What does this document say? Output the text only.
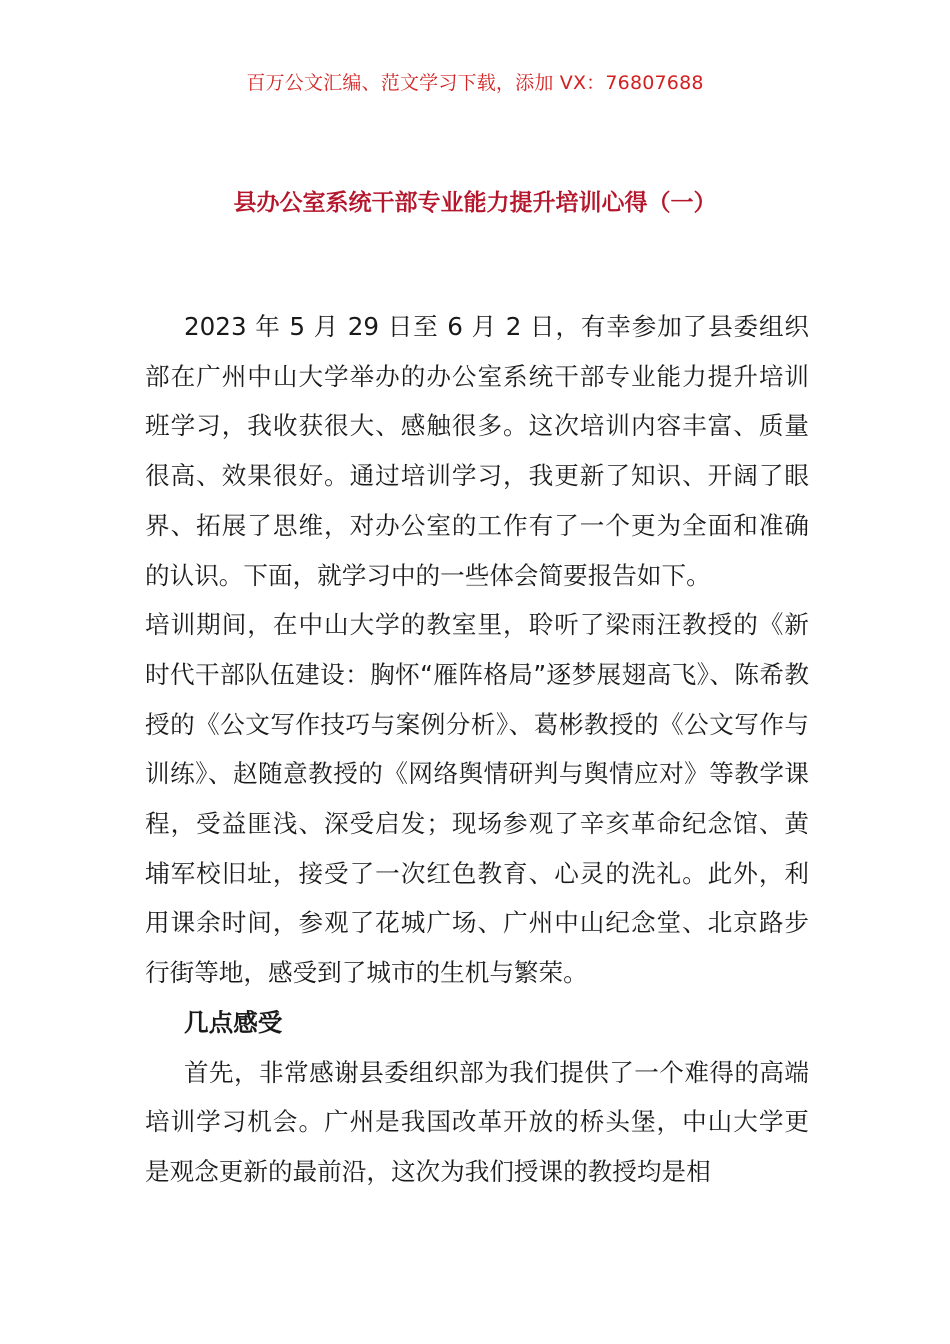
百万公文汇编、范文学习下载，添加 VX：76807688
县办公室系统干部专业能力提升培训心得（一）

2023 年 5 月 29 日至 6 月 2 日，有幸参加了县委组织部在广州中山大学举办的办公室系统干部专业能力提升培训班学习，我收获很大、感触很多。这次培训内容丰富、质量很高、效果很好。通过培训学习，我更新了知识、开阔了眼界、拓展了思维，对办公室的工作有了一个更为全面和准确的认识。下面，就学习中的一些体会简要报告如下。

培训期间，在中山大学的教室里，聆听了梁雨汪教授的《新时代干部队伍建设：胸怀“雁阵格局”逐梦展翅高飞》、陈希教授的《公文写作技巧与案例分析》、葛彬教授的《公文写作与训练》、赵随意教授的《网络舆情研判与舆情应对》等教学课程，受益匪浅、深受启发；现场参观了辛亥革命纪念馆、黄埔军校旧址，接受了一次红色教育、心灵的洗礼。此外，利用课余时间，参观了花城广场、广州中山纪念堂、北京路步行街等地，感受到了城市的生机与繁荣。

几点感受

首先，非常感谢县委组织部为我们提供了一个难得的高端培训学习机会。广州是我国改革开放的桥头堡，中山大学更是观念更新的最前沿，这次为我们授课的教授均是相
